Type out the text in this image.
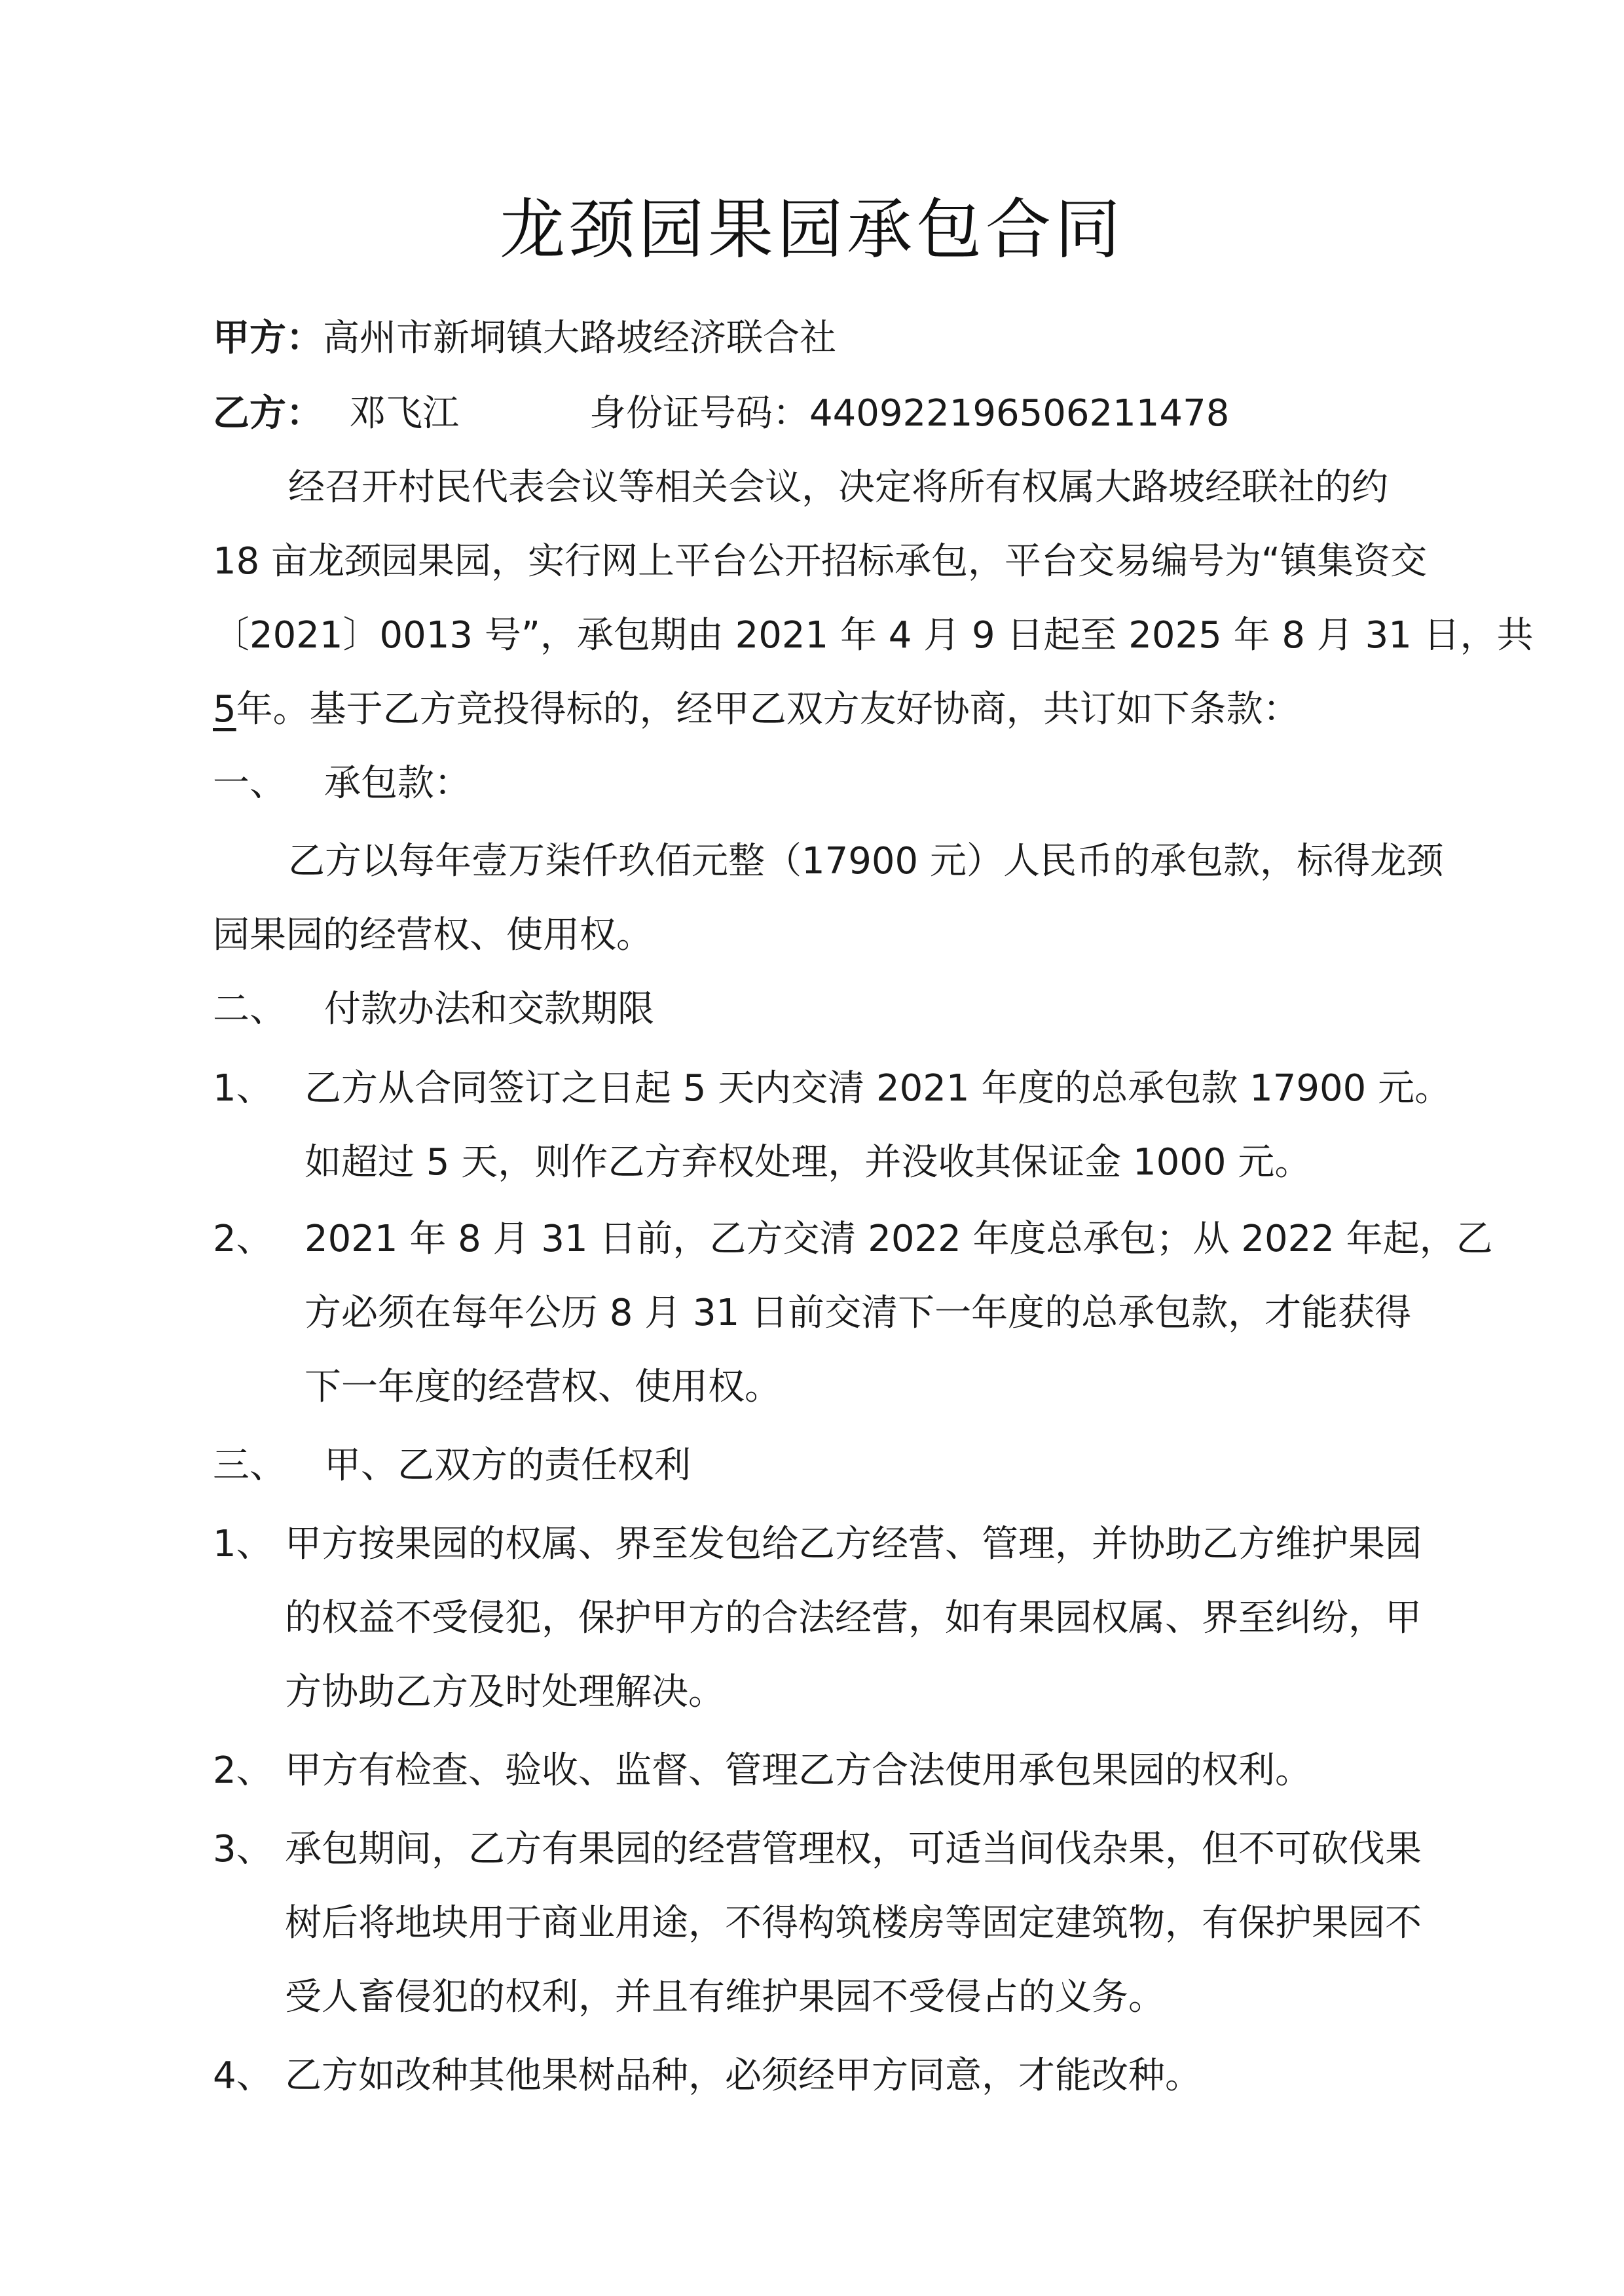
龙颈园果园承包合同
甲方：高州市新垌镇大路坡经济联合社
乙方： 邓飞江	身份证号码：440922196506211478
经召开村民代表会议等相关会议，决定将所有权属大路坡经联社的约
18 亩龙颈园果园，实行网上平台公开招标承包，平台交易编号为“镇集资交
〔2021〕0013 号”，承包期由 2021 年 4 月 9 日起至 2025 年 8 月 31 日，共
5年。基于乙方竞投得标的，经甲乙双方友好协商，共订如下条款：
一、 承包款：
乙方以每年壹万柒仟玖佰元整（17900 元）人民币的承包款，标得龙颈
园果园的经营权、使用权。
二、 付款办法和交款期限
1、 乙方从合同签订之日起 5 天内交清 2021 年度的总承包款 17900 元。
如超过 5 天，则作乙方弃权处理，并没收其保证金 1000 元。
2、 2021 年 8 月 31 日前，乙方交清 2022 年度总承包；从 2022 年起，乙
方必须在每年公历 8 月 31 日前交清下一年度的总承包款，才能获得
下一年度的经营权、使用权。
三、 甲、乙双方的责任权利
1、 甲方按果园的权属、界至发包给乙方经营、管理，并协助乙方维护果园
的权益不受侵犯，保护甲方的合法经营，如有果园权属、界至纠纷，甲
方协助乙方及时处理解决。
2、 甲方有检查、验收、监督、管理乙方合法使用承包果园的权利。
3、 承包期间，乙方有果园的经营管理权，可适当间伐杂果，但不可砍伐果
树后将地块用于商业用途，不得构筑楼房等固定建筑物，有保护果园不
受人畜侵犯的权利，并且有维护果园不受侵占的义务。
4、 乙方如改种其他果树品种，必须经甲方同意，才能改种。
